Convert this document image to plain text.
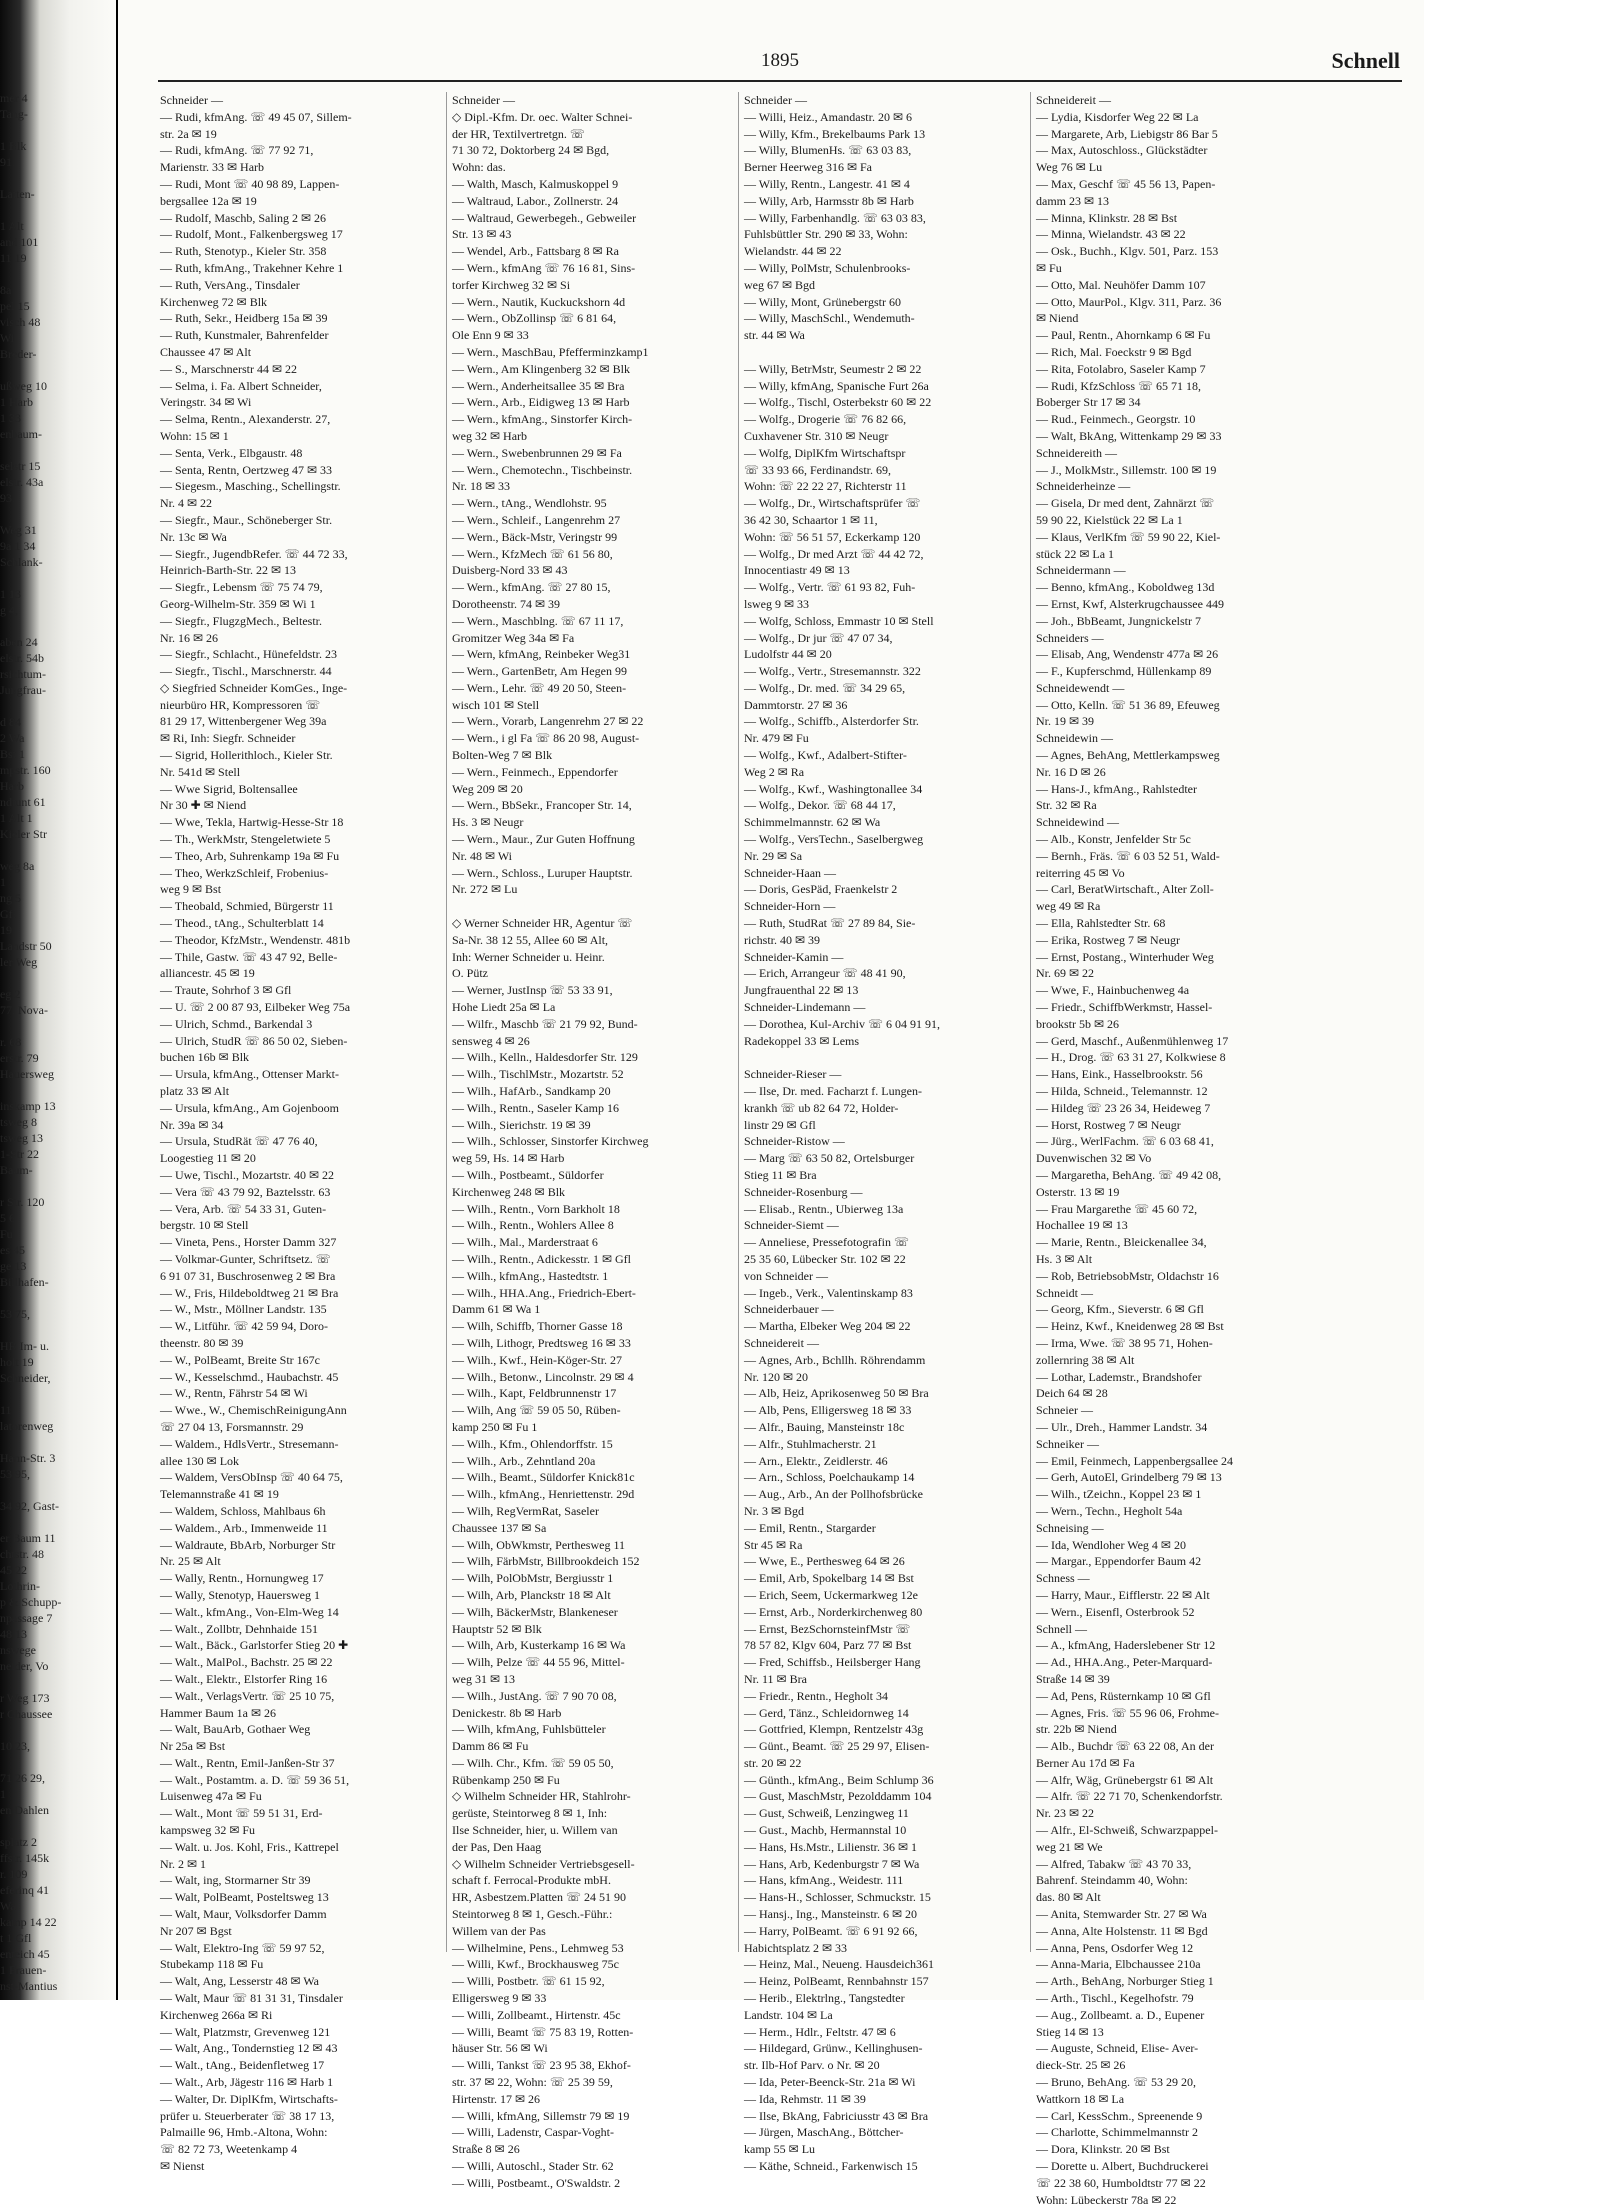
mer 4
Tang-

1 Blk
91,

Latten-

1 Alt
and 101
11 19

8a
pel 15
visch 48
Wi
Breder-

ußweg 10
1 Harb
1 33
enbaum-

selstr 15
elstr. 43a
93,

Weg 31
9a 1 34
Schlank-

1 13
g 4,

aben 24
elstr. 54b
rsichtum-
Jungfrau-

d 84
2 Wa
Bst 1
mpstr. 160
Harb
ndtunt 61
1 Alt 1
Kieler Str

weg 8a
1
ng 5
Gfl
19
Landstr 50
ler Weg

eg 2
77, Nova-

r. 68
erstr. 79
Hauersweg

inskamp 13
tsweg 8
tsweg 13
1-Str 22
Baum-

r Str. 120
5 6
Fu
es 45
ge 13
Billhafen-

53 75,

HR Im- u.
holt 19
Schneider,

11
latorenweg

Hann-Str. 3
53 95,

34 92, Gast-

er Baum 11
chtstr. 48
45 22
Lothrin-
p & Schupp-
npassage 7
48 13
nswege
neider, Vo

r Weg 173
r Chaussee

10 23,

71 26 29,
1
en Dahlen

splatz 2
ffstr. 145k
r. 109
eferinq 41
Wa
kamp 14 22
t 1 Gfl
enteich 45
1 Frauen-
nst-Mantius
1895	Schnell
Schneider —
— Rudi, kfmAng. ☏ 49 45 07, Sillem-
str. 2a ✉ 19
— Rudi, kfmAng. ☏ 77 92 71,
Marienstr. 33 ✉ Harb
— Rudi, Mont ☏ 40 98 89, Lappen-
bergsallee 12a ✉ 19
— Rudolf, Maschb, Saling 2 ✉ 26
— Rudolf, Mont., Falkenbergsweg 17
— Ruth, Stenotyp., Kieler Str. 358
— Ruth, kfmAng., Trakehner Kehre 1
— Ruth, VersAng., Tinsdaler
Kirchenweg 72 ✉ Blk
— Ruth, Sekr., Heidberg 15a ✉ 39
— Ruth, Kunstmaler, Bahrenfelder
Chaussee 47 ✉ Alt
— S., Marschnerstr 44 ✉ 22
— Selma, i. Fa. Albert Schneider,
Veringstr. 34 ✉ Wi
— Selma, Rentn., Alexanderstr. 27,
Wohn: 15 ✉ 1
— Senta, Verk., Elbgaustr. 48
— Senta, Rentn, Oertzweg 47 ✉ 33
— Siegesm., Masching., Schellingstr.
Nr. 4 ✉ 22
— Siegfr., Maur., Schöneberger Str.
Nr. 13c ✉ Wa
— Siegfr., JugendbRefer. ☏ 44 72 33,
Heinrich-Barth-Str. 22 ✉ 13
— Siegfr., Lebensm ☏ 75 74 79,
Georg-Wilhelm-Str. 359 ✉ Wi 1
— Siegfr., FlugzgMech., Beltestr.
Nr. 16 ✉ 26
— Siegfr., Schlacht., Hünefeldstr. 23
— Siegfr., Tischl., Marschnerstr. 44
◇ Siegfried Schneider KomGes., Inge-
nieurbüro HR, Kompressoren ☏
81 29 17, Wittenbergener Weg 39a
✉ Ri, Inh: Siegfr. Schneider
— Sigrid, Hollerithloch., Kieler Str.
Nr. 541d ✉ Stell
— Wwe Sigrid, Boltensallee
Nr 30 ✚ ✉ Niend
— Wwe, Tekla, Hartwig-Hesse-Str 18
— Th., WerkMstr, Stengeletwiete 5
— Theo, Arb, Suhrenkamp 19a ✉ Fu
— Theo, WerkzSchleif, Frobenius-
weg 9 ✉ Bst
— Theobald, Schmied, Bürgerstr 11
— Theod., tAng., Schulterblatt 14
— Theodor, KfzMstr., Wendenstr. 481b
— Thile, Gastw. ☏ 43 47 92, Belle-
alliancestr. 45 ✉ 19
— Traute, Sohrhof 3 ✉ Gfl
— U. ☏ 2 00 87 93, Eilbeker Weg 75a
— Ulrich, Schmd., Barkendal 3
— Ulrich, StudR ☏ 86 50 02, Sieben-
buchen 16b ✉ Blk
— Ursula, kfmAng., Ottenser Markt-
platz 33 ✉ Alt
— Ursula, kfmAng., Am Gojenboom
Nr. 39a ✉ 34
— Ursula, StudRät ☏ 47 76 40,
Loogestieg 11 ✉ 20
— Uwe, Tischl., Mozartstr. 40 ✉ 22
— Vera ☏ 43 79 92, Baztelsstr. 63
— Vera, Arb. ☏ 54 33 31, Guten-
bergstr. 10 ✉ Stell
— Vineta, Pens., Horster Damm 327
— Volkmar-Gunter, Schriftsetz. ☏
6 91 07 31, Buschrosenweg 2 ✉ Bra
— W., Fris, Hildeboldtweg 21 ✉ Bra
— W., Mstr., Möllner Landstr. 135
— W., Litführ. ☏ 42 59 94, Doro-
theenstr. 80 ✉ 39
— W., PolBeamt, Breite Str 167c
— W., Kesselschmd., Haubachstr. 45
— W., Rentn, Fährstr 54 ✉ Wi
— Wwe., W., ChemischReinigungAnn
☏ 27 04 13, Forsmannstr. 29
— Waldem., HdlsVertr., Stresemann-
allee 130 ✉ Lok
— Waldem, VersObInsp ☏ 40 64 75,
Telemannstraße 41 ✉ 19
— Waldem, Schloss, Mahlbaus 6h
— Waldem., Arb., Immenweide 11
— Waldraute, BbArb, Norburger Str
Nr. 25 ✉ Alt
— Wally, Rentn., Hornungweg 17
— Wally, Stenotyp, Hauersweg 1
— Walt., kfmAng., Von-Elm-Weg 14
— Walt., Zollbtr, Dehnhaide 151
— Walt., Bäck., Garlstorfer Stieg 20 ✚
— Walt., MalPol., Bachstr. 25 ✉ 22
— Walt., Elektr., Elstorfer Ring 16
— Walt., VerlagsVertr. ☏ 25 10 75,
Hammer Baum 1a ✉ 26
— Walt, BauArb, Gothaer Weg
Nr 25a ✉ Bst
— Walt., Rentn, Emil-Janßen-Str 37
— Walt., Postamtm. a. D. ☏ 59 36 51,
Luisenweg 47a ✉ Fu
— Walt., Mont ☏ 59 51 31, Erd-
kampsweg 32 ✉ Fu
— Walt. u. Jos. Kohl, Fris., Kattrepel
Nr. 2 ✉ 1
— Walt, ing, Stormarner Str 39
— Walt, PolBeamt, Posteltsweg 13
— Walt, Maur, Volksdorfer Damm
Nr 207 ✉ Bgst
— Walt, Elektro-Ing ☏ 59 97 52,
Stubekamp 118 ✉ Fu
— Walt, Ang, Lesserstr 48 ✉ Wa
— Walt, Maur ☏ 81 31 31, Tinsdaler
Kirchenweg 266a ✉ Ri
— Walt, Platzmstr, Grevenweg 121
— Walt, Ang., Tondernstieg 12 ✉ 43
— Walt., tAng., Beidenfletweg 17
— Walt., Arb, Jägestr 116 ✉ Harb 1
— Walter, Dr. DiplKfm, Wirtschafts-
prüfer u. Steuerberater ☏ 38 17 13,
Palmaille 96, Hmb.-Altona, Wohn:
☏ 82 72 73, Weetenkamp 4
✉ Nienst
Schneider —
◇ Dipl.-Kfm. Dr. oec. Walter Schnei-
der HR, Textilvertretgn. ☏
71 30 72, Doktorberg 24 ✉ Bgd,
Wohn: das.
— Walth, Masch, Kalmuskoppel 9
— Waltraud, Labor., Zollnerstr. 24
— Waltraud, Gewerbegeh., Gebweiler
Str. 13 ✉ 43
— Wendel, Arb., Fattsbarg 8 ✉ Ra
— Wern., kfmAng ☏ 76 16 81, Sins-
torfer Kirchweg 32 ✉ Si
— Wern., Nautik, Kuckuckshorn 4d
— Wern., ObZollinsp ☏ 6 81 64,
Ole Enn 9 ✉ 33
— Wern., MaschBau, Pfefferminzkamp1
— Wern., Am Klingenberg 32 ✉ Blk
— Wern., Anderheitsallee 35 ✉ Bra
— Wern., Arb., Eidigweg 13 ✉ Harb
— Wern., kfmAng., Sinstorfer Kirch-
weg 32 ✉ Harb
— Wern., Swebenbrunnen 29 ✉ Fa
— Wern., Chemotechn., Tischbeinstr.
Nr. 18 ✉ 33
— Wern., tAng., Wendlohstr. 95
— Wern., Schleif., Langenrehm 27
— Wern., Bäck-Mstr, Veringstr 99
— Wern., KfzMech ☏ 61 56 80,
Duisberg-Nord 33 ✉ 43
— Wern., kfmAng. ☏ 27 80 15,
Dorotheenstr. 74 ✉ 39
— Wern., Maschblng. ☏ 67 11 17,
Gromitzer Weg 34a ✉ Fa
— Wern, kfmAng, Reinbeker Weg31
— Wern., GartenBetr, Am Hegen 99
— Wern., Lehr. ☏ 49 20 50, Steen-
wisch 101 ✉ Stell
— Wern., Vorarb, Langenrehm 27 ✉ 22
— Wern., i gl Fa ☏ 86 20 98, August-
Bolten-Weg 7 ✉ Blk
— Wern., Feinmech., Eppendorfer
Weg 209 ✉ 20
— Wern., BbSekr., Francoper Str. 14,
Hs. 3 ✉ Neugr
— Wern., Maur., Zur Guten Hoffnung
Nr. 48 ✉ Wi
— Wern., Schloss., Luruper Hauptstr.
Nr. 272 ✉ Lu

◇ Werner Schneider HR, Agentur ☏
Sa-Nr. 38 12 55, Allee 60 ✉ Alt,
Inh: Werner Schneider u. Heinr.
O. Pütz
— Werner, JustInsp ☏ 53 33 91,
Hohe Liedt 25a ✉ La
— Wilfr., Maschb ☏ 21 79 92, Bund-
sensweg 4 ✉ 26
— Wilh., Kelln., Haldesdorfer Str. 129
— Wilh., TischlMstr., Mozartstr. 52
— Wilh., HafArb., Sandkamp 20
— Wilh., Rentn., Saseler Kamp 16
— Wilh., Sierichstr. 19 ✉ 39
— Wilh., Schlosser, Sinstorfer Kirchweg
weg 59, Hs. 14 ✉ Harb
— Wilh., Postbeamt., Süldorfer
Kirchenweg 248 ✉ Blk
— Wilh., Rentn., Vorn Barkholt 18
— Wilh., Rentn., Wohlers Allee 8
— Wilh., Mal., Marderstraat 6
— Wilh., Rentn., Adickesstr. 1 ✉ Gfl
— Wilh., kfmAng., Hastedtstr. 1
— Wilh., HHA.Ang., Friedrich-Ebert-
Damm 61 ✉ Wa 1
— Wilh, Schiffb, Thorner Gasse 18
— Wilh, Lithogr, Predtsweg 16 ✉ 33
— Wilh., Kwf., Hein-Köger-Str. 27
— Wilh., Betonw., Lincolnstr. 29 ✉ 4
— Wilh., Kapt, Feldbrunnenstr 17
— Wilh, Ang ☏ 59 05 50, Rüben-
kamp 250 ✉ Fu 1
— Wilh., Kfm., Ohlendorffstr. 15
— Wilh., Arb., Zehntland 20a
— Wilh., Beamt., Süldorfer Knick81c
— Wilh., kfmAng., Henriettenstr. 29d
— Wilh, RegVermRat, Saseler
Chaussee 137 ✉ Sa
— Wilh, ObWkmstr, Perthesweg 11
— Wilh, FärbMstr, Billbrookdeich 152
— Wilh, PolObMstr, Bergiusstr 1
— Wilh, Arb, Planckstr 18 ✉ Alt
— Wilh, BäckerMstr, Blankeneser
Hauptstr 52 ✉ Blk
— Wilh, Arb, Kusterkamp 16 ✉ Wa
— Wilh, Pelze ☏ 44 55 96, Mittel-
weg 31 ✉ 13
— Wilh., JustAng. ☏ 7 90 70 08,
Denickestr. 8b ✉ Harb
— Wilh, kfmAng, Fuhlsbütteler
Damm 86 ✉ Fu
— Wilh. Chr., Kfm. ☏ 59 05 50,
Rübenkamp 250 ✉ Fu
◇ Wilhelm Schneider HR, Stahlrohr-
gerüste, Steintorweg 8 ✉ 1, Inh:
Ilse Schneider, hier, u. Willem van
der Pas, Den Haag
◇ Wilhelm Schneider Vertriebsgesell-
schaft f. Ferrocal-Produkte mbH.
HR, Asbestzem.Platten ☏ 24 51 90
Steintorweg 8 ✉ 1, Gesch.-Führ.:
Willem van der Pas
— Wilhelmine, Pens., Lehmweg 53
— Willi, Kwf., Brockhausweg 75c
— Willi, Postbetr. ☏ 61 15 92,
Elligersweg 9 ✉ 33
— Willi, Zollbeamt., Hirtenstr. 45c
— Willi, Beamt ☏ 75 83 19, Rotten-
häuser Str. 56 ✉ Wi
— Willi, Tankst ☏ 23 95 38, Ekhof-
str. 37 ✉ 22, Wohn: ☏ 25 39 59,
Hirtenstr. 17 ✉ 26
— Willi, kfmAng, Sillemstr 79 ✉ 19
— Willi, Ladenstr, Caspar-Voght-
Straße 8 ✉ 26
— Willi, Autoschl., Stader Str. 62
— Willi, Postbeamt., O'Swaldstr. 2
Schneider —
— Willi, Heiz., Amandastr. 20 ✉ 6
— Willy, Kfm., Brekelbaums Park 13
— Willy, BlumenHs. ☏ 63 03 83,
Berner Heerweg 316 ✉ Fa
— Willy, Rentn., Langestr. 41 ✉ 4
— Willy, Arb, Harmsstr 8b ✉ Harb
— Willy, Farbenhandlg. ☏ 63 03 83,
Fuhlsbüttler Str. 290 ✉ 33, Wohn:
Wielandstr. 44 ✉ 22
— Willy, PolMstr, Schulenbrooks-
weg 67 ✉ Bgd
— Willy, Mont, Grünebergstr 60
— Willy, MaschSchl., Wendemuth-
str. 44 ✉ Wa

— Willy, BetrMstr, Seumestr 2 ✉ 22
— Willy, kfmAng, Spanische Furt 26a
— Wolfg., Tischl, Osterbekstr 60 ✉ 22
— Wolfg., Drogerie ☏ 76 82 66,
Cuxhavener Str. 310 ✉ Neugr
— Wolfg, DiplKfm Wirtschaftspr
☏ 33 93 66, Ferdinandstr. 69,
Wohn: ☏ 22 22 27, Richterstr 11
— Wolfg., Dr., Wirtschaftsprüfer ☏
36 42 30, Schaartor 1 ✉ 11,
Wohn: ☏ 56 51 57, Eckerkamp 120
— Wolfg., Dr med Arzt ☏ 44 42 72,
Innocentiastr 49 ✉ 13
— Wolfg., Vertr. ☏ 61 93 82, Fuh-
lsweg 9 ✉ 33
— Wolfg, Schloss, Emmastr 10 ✉ Stell
— Wolfg., Dr jur ☏ 47 07 34,
Ludolfstr 44 ✉ 20
— Wolfg., Vertr., Stresemannstr. 322
— Wolfg., Dr. med. ☏ 34 29 65,
Dammtorstr. 27 ✉ 36
— Wolfg., Schiffb., Alsterdorfer Str.
Nr. 479 ✉ Fu
— Wolfg., Kwf., Adalbert-Stifter-
Weg 2 ✉ Ra
— Wolfg., Kwf., Washingtonallee 34
— Wolfg., Dekor. ☏ 68 44 17,
Schimmelmannstr. 62 ✉ Wa
— Wolfg., VersTechn., Saselbergweg
Nr. 29 ✉ Sa
Schneider-Haan —
— Doris, GesPäd, Fraenkelstr 2
Schneider-Horn —
— Ruth, StudRat ☏ 27 89 84, Sie-
richstr. 40 ✉ 39
Schneider-Kamin —
— Erich, Arrangeur ☏ 48 41 90,
Jungfrauenthal 22 ✉ 13
Schneider-Lindemann —
— Dorothea, Kul-Archiv ☏ 6 04 91 91,
Radekoppel 33 ✉ Lems

Schneider-Rieser —
— Ilse, Dr. med. Facharzt f. Lungen-
krankh ☏ ub 82 64 72, Holder-
linstr 29 ✉ Gfl
Schneider-Ristow —
— Marg ☏ 63 50 82, Ortelsburger
Stieg 11 ✉ Bra
Schneider-Rosenburg —
— Elisab., Rentn., Ubierweg 13a
Schneider-Siemt —
— Anneliese, Pressefotografin ☏
25 35 60, Lübecker Str. 102 ✉ 22
von Schneider —
— Ingeb., Verk., Valentinskamp 83
Schneiderbauer —
— Martha, Elbeker Weg 204 ✉ 22
Schneidereit —
— Agnes, Arb., Bchllh. Röhrendamm
Nr. 120 ✉ 20
— Alb, Heiz, Aprikosenweg 50 ✉ Bra
— Alb, Pens, Elligersweg 18 ✉ 33
— Alfr., Bauing, Mansteinstr 18c
— Alfr., Stuhlmacherstr. 21
— Arn., Elektr., Zeidlerstr. 46
— Arn., Schloss, Poelchaukamp 14
— Aug., Arb., An der Pollhofsbrücke
Nr. 3 ✉ Bgd
— Emil, Rentn., Stargarder
Str 45 ✉ Ra
— Wwe, E., Perthesweg 64 ✉ 26
— Emil, Arb, Spokelbarg 14 ✉ Bst
— Erich, Seem, Uckermarkweg 12e
— Ernst, Arb., Norderkirchenweg 80
— Ernst, BezSchornsteinfMstr ☏
78 57 82, Klgv 604, Parz 77 ✉ Bst
— Fred, Schiffsb., Heilsberger Hang
Nr. 11 ✉ Bra
— Friedr., Rentn., Hegholt 34
— Gerd, Tänz., Schleidornweg 14
— Gottfried, Klempn, Rentzelstr 43g
— Günt., Beamt. ☏ 25 29 97, Elisen-
str. 20 ✉ 22
— Günth., kfmAng., Beim Schlump 36
— Gust, MaschMstr, Pezolddamm 104
— Gust, Schweiß, Lenzingweg 11
— Gust., Machb, Hermannstal 10
— Hans, Hs.Mstr., Lilienstr. 36 ✉ 1
— Hans, Arb, Kedenburgstr 7 ✉ Wa
— Hans, kfmAng., Weidestr. 111
— Hans-H., Schlosser, Schmuckstr. 15
— Hansj., Ing., Mansteinstr. 6 ✉ 20
— Harry, PolBeamt. ☏ 6 91 92 66,
Habichtsplatz 2 ✉ 33
— Heinz, Mal., Neueng. Hausdeich361
— Heinz, PolBeamt, Rennbahnstr 157
— Herib., Elektrlng., Tangstedter
Landstr. 104 ✉ La
— Herm., Hdlr., Feltstr. 47 ✉ 6
— Hildegard, Grünw., Kellinghusen-
str. Ilb-Hof Parv. o Nr. ✉ 20
— Ida, Peter-Beenck-Str. 21a ✉ Wi
— Ida, Rehmstr. 11 ✉ 39
— Ilse, BkAng, Fabriciusstr 43 ✉ Bra
— Jürgen, MaschAng., Böttcher-
kamp 55 ✉ Lu
— Käthe, Schneid., Farkenwisch 15
Schneidereit —
— Lydia, Kisdorfer Weg 22 ✉ La
— Margarete, Arb, Liebigstr 86 Bar 5
— Max, Autoschloss., Glückstädter
Weg 76 ✉ Lu
— Max, Geschf ☏ 45 56 13, Papen-
damm 23 ✉ 13
— Minna, Klinkstr. 28 ✉ Bst
— Minna, Wielandstr. 43 ✉ 22
— Osk., Buchh., Klgv. 501, Parz. 153
✉ Fu
— Otto, Mal. Neuhöfer Damm 107
— Otto, MaurPol., Klgv. 311, Parz. 36
✉ Niend
— Paul, Rentn., Ahornkamp 6 ✉ Fu
— Rich, Mal. Foeckstr 9 ✉ Bgd
— Rita, Fotolabro, Saseler Kamp 7
— Rudi, KfzSchloss ☏ 65 71 18,
Boberger Str 17 ✉ 34
— Rud., Feinmech., Georgstr. 10
— Walt, BkAng, Wittenkamp 29 ✉ 33
Schneidereith —
— J., MolkMstr., Sillemstr. 100 ✉ 19
Schneiderheinze —
— Gisela, Dr med dent, Zahnärzt ☏
59 90 22, Kielstück 22 ✉ La 1
— Klaus, VerlKfm ☏ 59 90 22, Kiel-
stück 22 ✉ La 1
Schneidermann —
— Benno, kfmAng., Koboldweg 13d
— Ernst, Kwf, Alsterkrugchaussee 449
— Joh., BbBeamt, Jungnickelstr 7
Schneiders —
— Elisab, Ang, Wendenstr 477a ✉ 26
— F., Kupferschmd, Hüllenkamp 89
Schneidewendt —
— Otto, Kelln. ☏ 51 36 89, Efeuweg
Nr. 19 ✉ 39
Schneidewin —
— Agnes, BehAng, Mettlerkampsweg
Nr. 16 D ✉ 26
— Hans-J., kfmAng., Rahlstedter
Str. 32 ✉ Ra
Schneidewind —
— Alb., Konstr, Jenfelder Str 5c
— Bernh., Fräs. ☏ 6 03 52 51, Wald-
reiterring 45 ✉ Vo
— Carl, BeratWirtschaft., Alter Zoll-
weg 49 ✉ Ra
— Ella, Rahlstedter Str. 68
— Erika, Rostweg 7 ✉ Neugr
— Ernst, Postang., Winterhuder Weg
Nr. 69 ✉ 22
— Wwe, F., Hainbuchenweg 4a
— Friedr., SchiffbWerkmstr, Hassel-
brookstr 5b ✉ 26
— Gerd, Maschf., Außenmühlenweg 17
— H., Drog. ☏ 63 31 27, Kolkwiese 8
— Hans, Eink., Hasselbrookstr. 56
— Hilda, Schneid., Telemannstr. 12
— Hildeg ☏ 23 26 34, Heideweg 7
— Horst, Rostweg 7 ✉ Neugr
— Jürg., WerlFachm. ☏ 6 03 68 41,
Duvenwischen 32 ✉ Vo
— Margaretha, BehAng. ☏ 49 42 08,
Osterstr. 13 ✉ 19
— Frau Margarethe ☏ 45 60 72,
Hochallee 19 ✉ 13
— Marie, Rentn., Bleickenallee 34,
Hs. 3 ✉ Alt
— Rob, BetriebsobMstr, Oldachstr 16
Schneidt —
— Georg, Kfm., Sieverstr. 6 ✉ Gfl
— Heinz, Kwf., Kneidenweg 28 ✉ Bst
— Irma, Wwe. ☏ 38 95 71, Hohen-
zollernring 38 ✉ Alt
— Lothar, Lademstr., Brandshofer
Deich 64 ✉ 28
Schneier —
— Ulr., Dreh., Hammer Landstr. 34
Schneiker —
— Emil, Feinmech, Lappenbergsallee 24
— Gerh, AutoEl, Grindelberg 79 ✉ 13
— Wilh., tZeichn., Koppel 23 ✉ 1
— Wern., Techn., Hegholt 54a
Schneising —
— Ida, Wendloher Weg 4 ✉ 20
— Margar., Eppendorfer Baum 42
Schness —
— Harry, Maur., Eifflerstr. 22 ✉ Alt
— Wern., Eisenfl, Osterbrook 52
Schnell —
— A., kfmAng, Haderslebener Str 12
— Ad., HHA.Ang., Peter-Marquard-
Straße 14 ✉ 39
— Ad, Pens, Rüsternkamp 10 ✉ Gfl
— Agnes, Fris. ☏ 55 96 06, Frohme-
str. 22b ✉ Niend
— Alb., Buchdr ☏ 63 22 08, An der
Berner Au 17d ✉ Fa
— Alfr, Wäg, Grünebergstr 61 ✉ Alt
— Alfr. ☏ 22 71 70, Schenkendorfstr.
Nr. 23 ✉ 22
— Alfr., El-Schweiß, Schwarzpappel-
weg 21 ✉ We
— Alfred, Tabakw ☏ 43 70 33,
Bahrenf. Steindamm 40, Wohn:
das. 80 ✉ Alt
— Anita, Stemwarder Str. 27 ✉ Wa
— Anna, Alte Holstenstr. 11 ✉ Bgd
— Anna, Pens, Osdorfer Weg 12
— Anna-Maria, Elbchaussee 210a
— Arth., BehAng, Norburger Stieg 1
— Arth., Tischl., Kegelhofstr. 79
— Aug., Zollbeamt. a. D., Eupener
Stieg 14 ✉ 13
— Auguste, Schneid, Elise- Aver-
dieck-Str. 25 ✉ 26
— Bruno, BehAng. ☏ 53 29 20,
Wattkorn 18 ✉ La
— Carl, KessSchm., Spreenende 9
— Charlotte, Schimmelmannstr 2
— Dora, Klinkstr. 20 ✉ Bst
— Dorette u. Albert, Buchdruckerei
☏ 22 38 60, Humboldtstr 77 ✉ 22
Wohn: Lübeckerstr 78a ✉ 22
